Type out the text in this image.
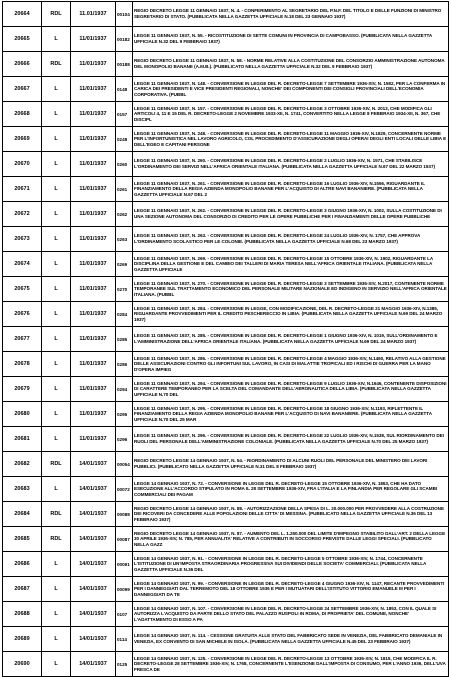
20664	RDL	11.01/1937	00104	REGIO DECRETO LEGGE 11 GENNAIO 1937, N. 4. - CONFERIMENTO AL SEGRETARIO DEL P.N.F. DEL TITOLO E DELLE FUNZIONI DI MINISTRO SEGRETARIO DI STATO. (PUBBLICATA NELLA GAZZETTA UFFICIALE N.18 DEL 23 GENNAIO 1937)

20665	L	11/01/1937	00182	LEGGE 11 GENNAIO 1937, N. 55. - RICOSTITUZIONE DI SETTE COMUNI IN PROVINCIA DI CAMPOBASSO. (PUBBLICATA NELLA GAZZETTA UFFICIALE N.32 DEL 9 FEBBRAIO 1937)

20666	RDL	11/01/1937	00188	REGIO DECRETO LEGGE 11 GENNAIO 1937, N. 58. - NORME RELATIVE ALLA COSTITUZIONE DEL CONSORZIO AMMINISTRAZIONE AUTONOMA DEL MONOPOLIO BANANE (A.M.B.). (PUBBLICATO NELLA GAZZETTA UFFICIALE N.32 DEL 9 FEBBRAIO 1937)

20667	L	11/01/1937	0148	LEGGE 11 GENNAIO 1937, N. 148. - CONVERSIONE IN LEGGE DEL R. DECRETO-LEGGE 7 SETTEMBRE 1936-XIV, N. 1582, PER LA CONFERMA IN CARICA DEI PRESIDENTI E VICE PRESIDENTI REGIONALI, NONCHE' DEI COMPONENTI DEI CONSIGLI PROVINCIALI DELL'ECONOMIA CORPORATIVA. (PUBBL

20668	L	11/01/1937	0157	LEGGE 11 GENNAIO 1937, N. 157. - CONVERSIONE IN LEGGE DEL R. DECRETO-LEGGE 3 OTTOBRE 1936-XIV, N. 2013, CHE MODIFICA GLI ARTICOLI 4, 11 E 15 DEL R. DECRETO-LEGGE 2 NOVEMBRE 1933-XII, N. 1741, CONVERTITO NELLA LEGGE 8 FEBBRAIO 1934-XII, N. 367, CHE DISCIPL

20669	L	11/01/1937	0248	LEGGE 11 GENNAIO 1937, N. 248. - CONVERSIONE IN LEGGE DEL R. DECRETO-LEGGE 11 MAGGIO 1936-XIV, N.1829, CONCERNENTE NORME PER L'INFORTUNISTICA NEL LAVORO AGRICOLO, COL PROCEDIMENTO D'ASSICURAZIONE DEGLI OPERAI DEGLI ENTI LOCALI DELLE LIBIA E DELL'EGEO E CAPITANI PERSONE

20670	L	11/01/1937	0260	LEGGE 11 GENNAIO 1937, N. 260. - CONVERSIONE IN LEGGE DEL R. DECRETO-LEGGE 2 LUGLIO 1936-XIV, N. 1571, CHE STABILISCE L'ORDINAMENTO DEI SERVIZI NELL'AFRICA ORIENTALE ITALIANA. (PUBBLICATA NELLA GAZZETTA UFFICIALE N.67 DEL 22 MARZO 1937)

20671	L	11/01/1937	0261	LEGGE 11 GENNAIO 1937, N. 261. - CONVERSIONE IN LEGGE DEL R. DECRETO-LEGGE 16 LUGLIO 1936-XIV, N.1556, RIGUARDANTE IL FINANZIAMENTO DELLA REGIA AZIENDA MONOPOLIO BANANE PER L'ACQUISTO DI ALTRE NAVI BANANIERE. (PUBBLICATA NELLA GAZZETTA UFFICIALE N.67 DEL 2

20672	L	11/01/1937	0262	LEGGE 11 GENNAIO 1937, N. 262. - CONVERSIONE IN LEGGE DEL R. DECRETO-LEGGE 3 GIUGNO 1936-XIV, N. 1002, SULLA COSTITUZIONE DI UNA SEZIONE AUTONOMA DEL CONSORZIO DI CREDITO PER LE OPERE PUBBLICHE PER I FINANZIAMENTI DELLE OPERE PUBBLICHE

20673	L	11/01/1937	0263	LEGGE 11 GENNAIO 1937, N. 263. - CONVERSIONE IN LEGGE DEL R. DECRETO-LEGGE 24 LUGLIO 1936-XIV, N. 1757, CHE APPROVA L'ORDINAMENTO SCOLASTICO PER LE COLONIE. (PUBBLICATA NELLA GAZZETTA UFFICIALE N.68 DEL 23 MARZO 1937)

20674	L	11/01/1937	0269	LEGGE 11 GENNAIO 1937, N. 269. - CONVERSIONE IN LEGGE DEL R. DECRETO-LEGGE 15 OTTOBRE 1936-XIV, N. 1902, RIGUARDANTE LA DISCIPLINA DELLA GESTIONE E DEL CAMBIO DEI TALLERI DI MARIA TERESA NELL'AFRICA ORIENTALE ITALIANA. (PUBBLICATA NELLA GAZZETTA UFFICIALE

20675	L	11/01/1937	0270	LEGGE 11 GENNAIO 1937, N. 270. - CONVERSIONE IN LEGGE DEL R. DECRETO-LEGGE 3 SETTEMBRE 1936-XIV, N.2017, CONTENENTE NORME TEMPORANEE SUL TRATTAMENTO ECONOMICO DEL PERSONALE MILITARE NAZIONALE ED INDIGENO IN SERVIZIO NELL'AFRICA ORIENTALE ITALIANA. (PUBBL

20676	L	11/01/1937	0284	LEGGE 11 GENNAIO 1937, N. 284. - CONVERSIONE IN LEGGE, CON MODIFICAZIONE, DEL R. DECRETO-LEGGE 21 MAGGIO 1936-XIV, N.1385, RIGUARDANTE PROVVEDIMENTI PER IL CREDITO PESCHERECCIO IN LIBIA. (PUBBLICATA NELLA GAZZETTA UFFICIALE N.69 DEL 24 MARZO 1937)

20677	L	11/01/1937	0285	LEGGE 11 GENNAIO 1937, N. 285. - CONVERSIONE IN LEGGE DEL R. DECRETO-LEGGE 1 GIUGNO 1936-XIV, N. 1019, SULL'ORDINAMENTO E L'AMMINISTRAZIONE DELL'AFRICA ORIENTALE ITALIANA. (PUBBLICATA NELLA GAZZETTA UFFICIALE N.69 DEL 24 MARZO 1937)

20678	L	11/01/1937	0286	LEGGE 11 GENNAIO 1937, N. 286. - CONVERSIONE IN LEGGE DEL R. DECRETO-LEGGE 4 MAGGIO 1936-XIV, N.1460, RELATIVO ALLA GESTIONE DELLE ASSICURAZIONI CONTRO GLI INFORTUNI SUL LAVORO, IN CASI DI MALATTIE TROPICALI ED I RISCHI DI GUERRA PER LA MANO D'OPERA IMPIEG

20679	L	11/01/1937	0294	LEGGE 11 GENNAIO 1937, N. 294. - CONVERSIONE IN LEGGE DEL R. DECRETO-LEGGE 9 LUGLIO 1936-XIV, N.1646, CONTENENTE DISPOSIZIONI DI CARATTERE TEMPORANEO PER LA SCELTA DEL COMANDANTE DELL'AERONAUTICA DELLA LIBIA. (PUBBLICATA NELLA GAZZETTA UFFICIALE N.70 DEL

20680	L	11/01/1937	0295	LEGGE 11 GENNAIO 1937, N. 295. - CONVERSIONE IN LEGGE DEL R. DECRETO-LEGGE 18 GIUGNO 1936-XIV, N.1193, RIFLETTENTE IL FINANZIAMENTO DELLA REGIA AZIENDA MONOPOLIO BANANE PER L'ACQUISTO DI NAVI BANANIERE. (PUBBLICATA NELLA GAZZETTA UFFICIALE N.70 DEL 25 MAR

20681	L	11/01/1937	0296	LEGGE 11 GENNAIO 1937, N. 296. - CONVERSIONE IN LEGGE DEL R. DECRETO-LEGGE 22 LUGLIO 1936-XIV, N.1538, SUL RIORDINAMENTO DEI RUOLI DEL PERSONALE DELL'AMMINISTRAZIONE COLONIALE. (PUBBLICATA NELLA GAZZETTA UFFICIALE N.70 DEL 25 MARZO 1937)

20682	RDL	14/01/1937	00054	REGIO DECRETO LEGGE 14 GENNAIO 1937, N. 54. - RIORDINAMENTO DI ALCUNI RUOLI DEL PERSONALE DEL MINISTERO DEI LAVORI PUBBLICI. (PUBBLICATO NELLA GAZZETTA UFFICIALE N.31 DEL 8 FEBBRAIO 1937)

20683	L	14/01/1937	00072	LEGGE 14 GENNAIO 1937, N. 72. - CONVERSIONE IN LEGGE DEL R. DECRETO-LEGGE 15 OTTOBRE 1936-XIV, N. 1863, CHE HA DATO ESECUZIONE ALL'ACCORDO STIPULATO IN ROMA IL 28 SETTEMBRE 1936-XIV, FRA L'ITALIA E LA FINLANDIA PER REGOLARE GLI SCAMBI COMMERCIALI DEI PAGAM

20684	RDL	14/01/1937	00088	REGIO DECRETO LEGGE 14 GENNAIO 1937, N. 88. - AUTORIZZAZIONE DELLA SPESA DI L. 20.000.000 PER PROVVEDERE ALLA COSTRUZIONE DEI RICOVERI DA CONCEDERE ALLE POPOLAZIONI DELLE CITTA' DI MESSINA. (PUBBLICATO NELLA GAZZETTA UFFICIALE N.36 DEL 13 FEBBRAIO 1937)

20685	RDL	14/01/1937	00087	REGIO DECRETO LEGGE 14 GENNAIO 1937, N. 87. - AUMENTO DEL L. 1.250.000 DEL LIMITE D'IMPEGNO STABILITO DALL'ART. 2 DELLA LEGGE 30 APRILE 1936-XIV, N. 785, PER ANNUALITA' RELATIVE A CONTRIBUTI IN SOCCORSO PREVISTE DALLE LEGGI SPECIALI. (PUBBLICATO NELLA GAZZ

20686	L	14/01/1937	00091	LEGGE 14 GENNAIO 1937, N. 91. - CONVERSIONE IN LEGGE DEL R. DECRETO-LEGGE 5 OTTOBRE 1936-XIV, N. 1744, CONCERNENTE L'ISTITUZIONE DI UN'IMPOSTA STRAORDINARIA PROGRESSIVA SUI DIVIDENDI DELLE SOCIETA' COMMERCIALI. (PUBBLICATA NELLA GAZZETTA UFFICIALE N.36 DEL

20687	L	14/01/1937	00099	LEGGE 14 GENNAIO 1937, N. 99. - CONVERSIONE IN LEGGE DEL R. DECRETO-LEGGE 4 GIUGNO 1936-XIV, N. 1147, RECANTE PROVVEDIMENTI PER I DANNEGGIATI DAL TERREMOTO DEL 18 OTTOBRE 1936 E PER I MUTUATARI DELL'ISTITUTO VITTORIO EMANUELE III PER I DANNEGGIATI DA TE

20688	L	14/01/1937	0107	LEGGE 14 GENNAIO 1937, N. 107. - CONVERSIONE IN LEGGE DEL R. DECRETO-LEGGE 24 SETTEMBRE 1936-XIV, N. 1853, CON IL QUALE SI AUTORIZZA L'ACQUISTO DA PARTE DELLO STATO DEL PALAZZO RUSPOLI IN ROMA, DI PROPRIETA' DEL COMUNE, NONCHE' L'ADATTAMENTO DI ESSO A PA

20689	L	14/01/1937	0114	LEGGE 14 GENNAIO 1937, N. 114. - CESSIONE GRATUITA ALLE STATO DEL FABBRICATO SEDE IN VENEZIA, DEL FABBRICATO DEMANIALE IN VENEZIA, EX CONVENTO DI SAN MICHELE IN ISOLA. (PUBBLICATA NELLA GAZZETTA UFFICIALE N.45 DEL 23 FEBBRAIO 1937)

20690	L	14/01/1937	0125	LEGGE 14 GENNAIO 1937, N. 125. - CONVERSIONE IN LEGGE DEL R. DECRETO-LEGGE 13 OTTOBRE 1936-XIV, N. 1815, CHE MODIFICA IL R. DECRETO-LEGGE 28 SETTEMBRE 1936-XIV, N. 1768, CONCERNENTE L'ESENZIONE DALL'IMPOSTA DI CONSUMO, PER L'ANNO 1936, DELL'UVA FRESCA DE
